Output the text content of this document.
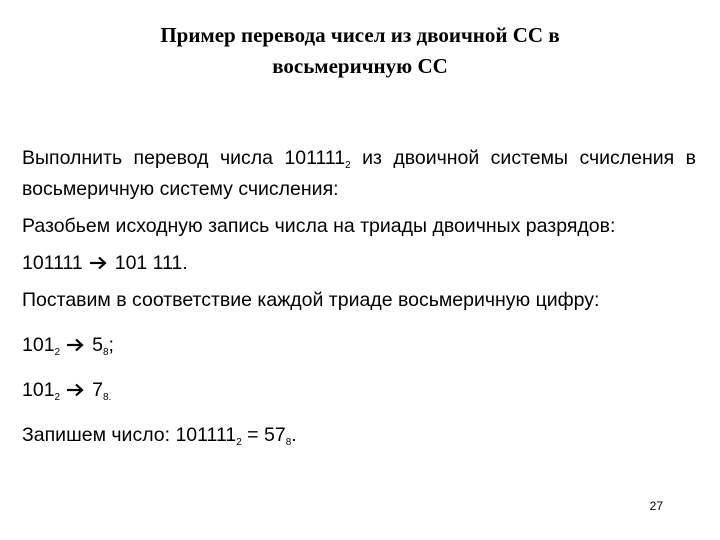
Пример перевода чисел из двоичной СС в
восьмеричную СС

Выполнить перевод числа $101111_2$ из двоичной системы счисления в восьмеричную систему счисления:

Разобьем исходную запись числа на триады двоичных разрядов:

101111 101 111.

Поставим в соответствие каждой триаде восьмеричную цифру:

$101_2$ $5_8$;

$101_2$ $7_{8.}$

Запишем число: $101111_2 = 57_8$.

27
